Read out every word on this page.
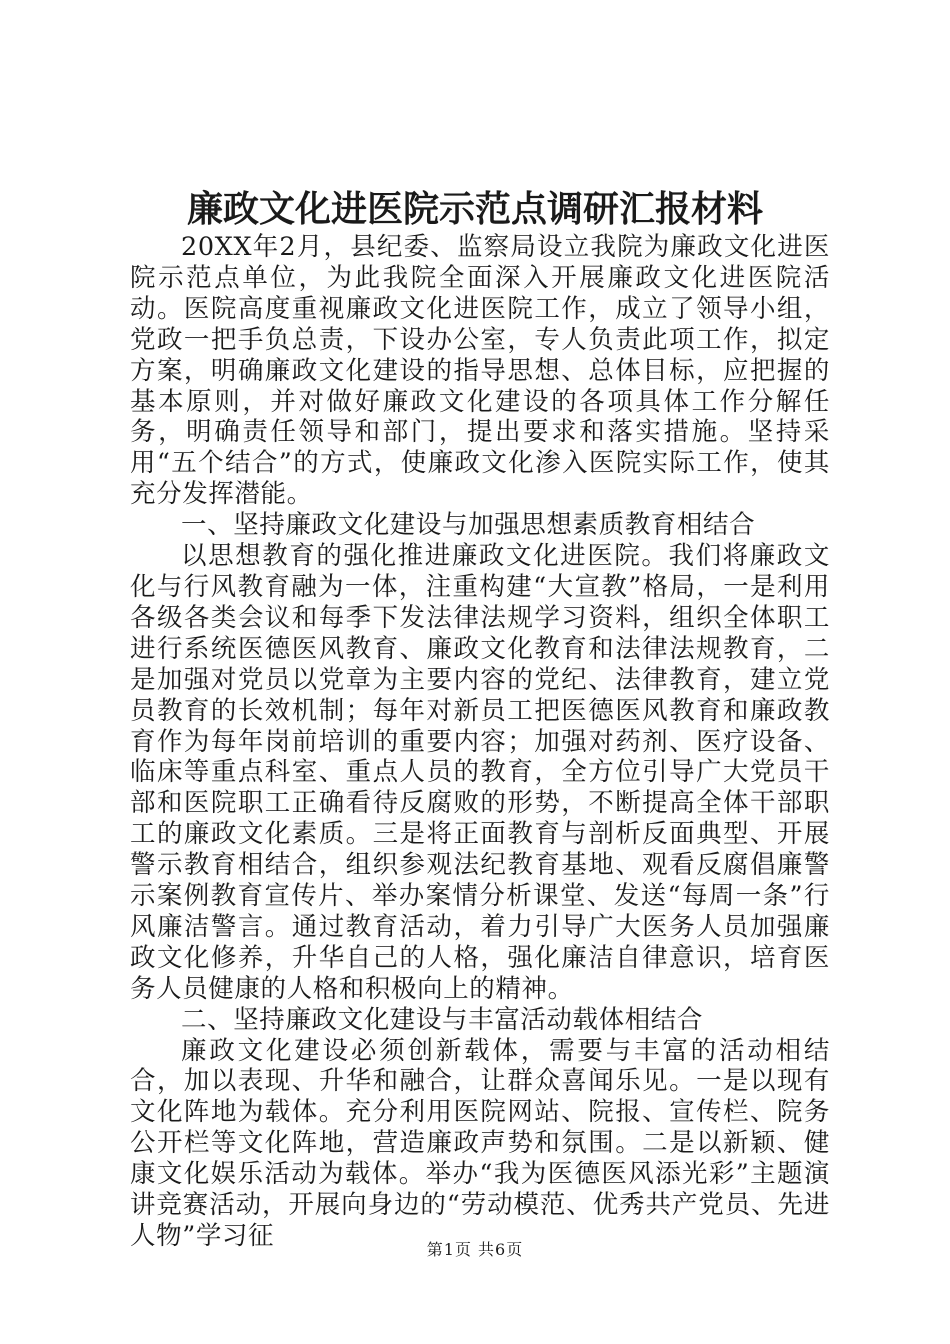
廉政文化进医院示范点调研汇报材料

20XX年2月，县纪委、监察局设立我院为廉政文化进医院示范点单位，为此我院全面深入开展廉政文化进医院活动。医院高度重视廉政文化进医院工作，成立了领导小组，党政一把手负总责，下设办公室，专人负责此项工作，拟定方案，明确廉政文化建设的指导思想、总体目标，应把握的基本原则，并对做好廉政文化建设的各项具体工作分解任务，明确责任领导和部门，提出要求和落实措施。坚持采用“五个结合”的方式，使廉政文化渗入医院实际工作，使其充分发挥潜能。

一、坚持廉政文化建设与加强思想素质教育相结合

以思想教育的强化推进廉政文化进医院。我们将廉政文化与行风教育融为一体，注重构建“大宣教”格局，一是利用各级各类会议和每季下发法律法规学习资料，组织全体职工进行系统医德医风教育、廉政文化教育和法律法规教育，二是加强对党员以党章为主要内容的党纪、法律教育，建立党员教育的长效机制；每年对新员工把医德医风教育和廉政教育作为每年岗前培训的重要内容；加强对药剂、医疗设备、临床等重点科室、重点人员的教育，全方位引导广大党员干部和医院职工正确看待反腐败的形势，不断提高全体干部职工的廉政文化素质。三是将正面教育与剖析反面典型、开展警示教育相结合，组织参观法纪教育基地、观看反腐倡廉警示案例教育宣传片、举办案情分析课堂、发送“每周一条”行风廉洁警言。通过教育活动，着力引导广大医务人员加强廉政文化修养，升华自己的人格，强化廉洁自律意识，培育医务人员健康的人格和积极向上的精神。

二、坚持廉政文化建设与丰富活动载体相结合

廉政文化建设必须创新载体，需要与丰富的活动相结合，加以表现、升华和融合，让群众喜闻乐见。一是以现有文化阵地为载体。充分利用医院网站、院报、宣传栏、院务公开栏等文化阵地，营造廉政声势和氛围。二是以新颖、健康文化娱乐活动为载体。举办“我为医德医风添光彩”主题演讲竞赛活动，开展向身边的“劳动模范、优秀共产党员、先进人物”学习征	第1页 共6页
